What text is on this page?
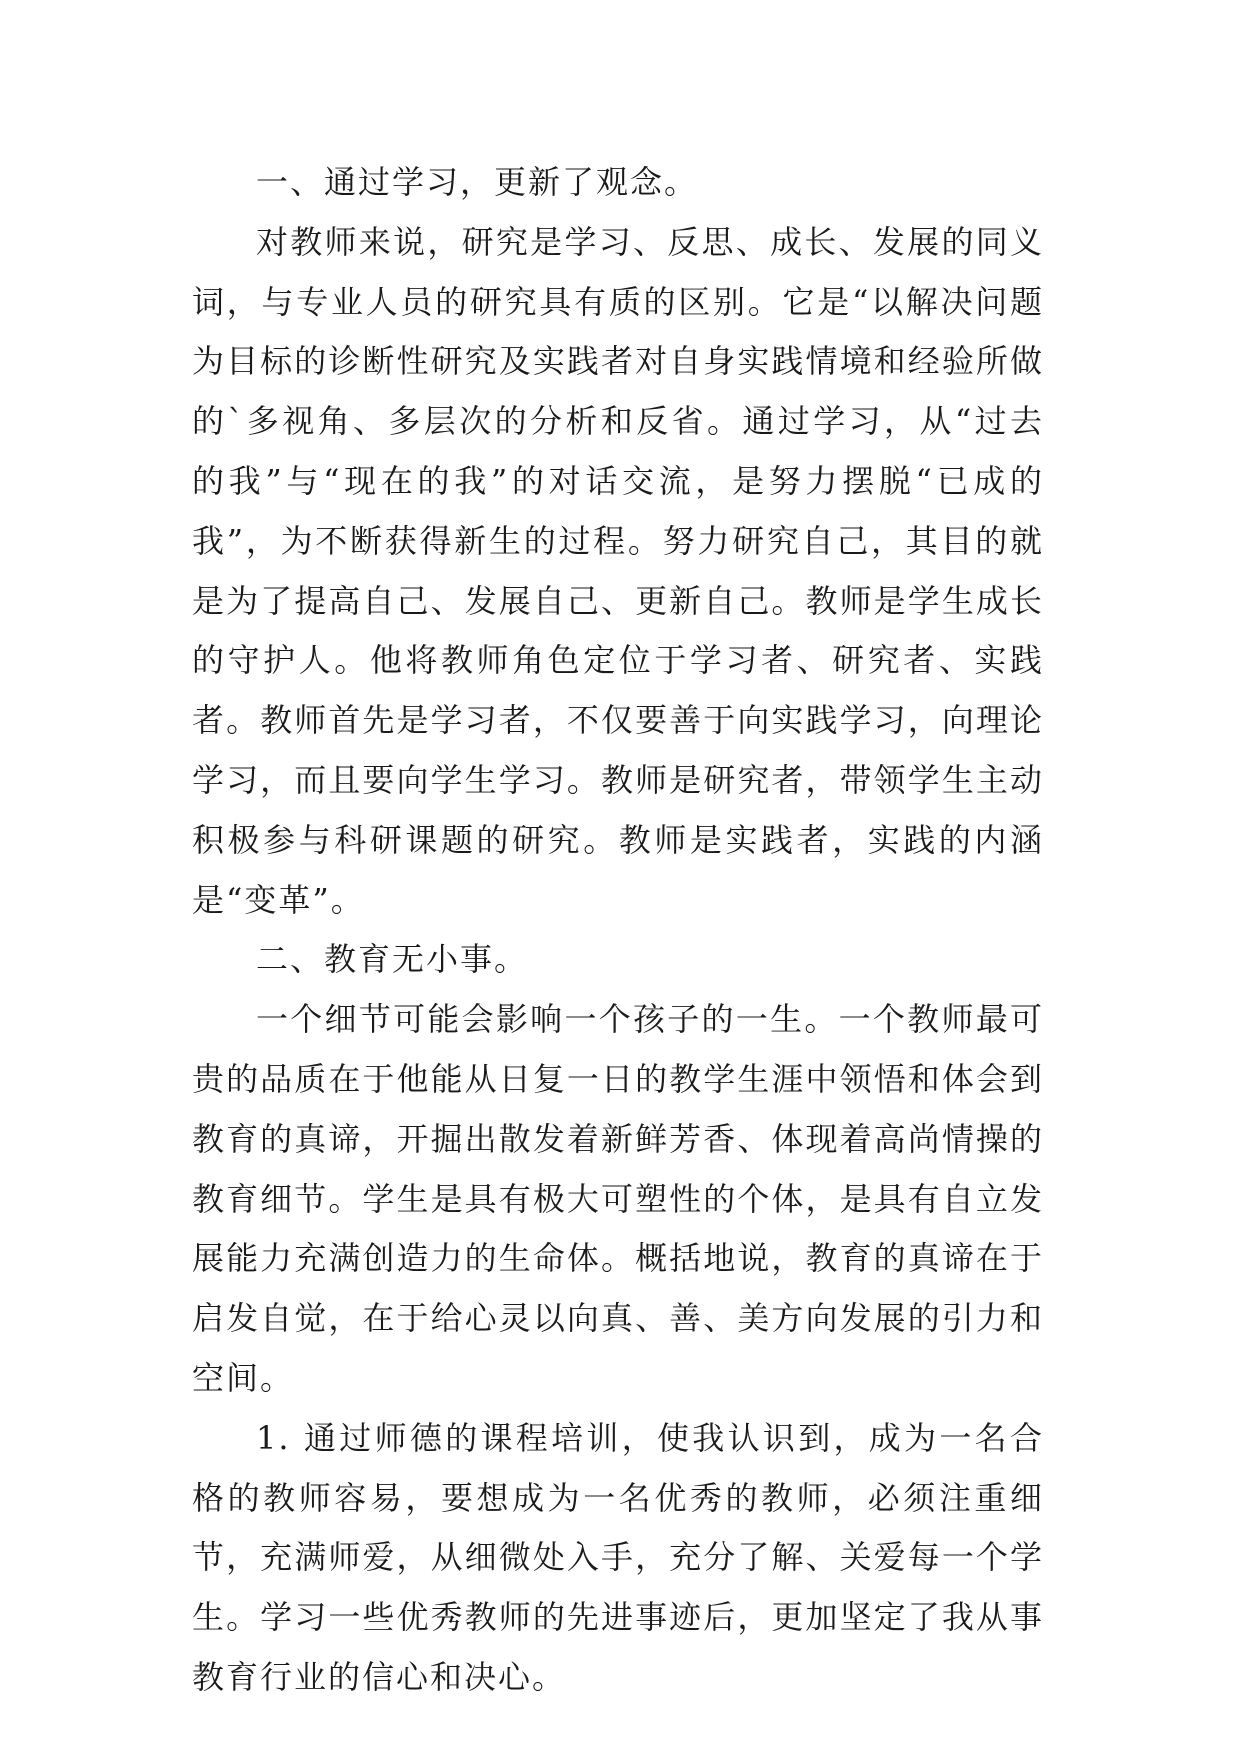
一、通过学习，更新了观念。

对教师来说，研究是学习、反思、成长、发展的同义词，与专业人员的研究具有质的区别。它是“以解决问题为目标的诊断性研究及实践者对自身实践情境和经验所做的`多视角、多层次的分析和反省。通过学习，从“过去的我”与“现在的我”的对话交流，是努力摆脱“已成的我”，为不断获得新生的过程。努力研究自己，其目的就是为了提高自己、发展自己、更新自己。教师是学生成长的守护人。他将教师角色定位于学习者、研究者、实践者。教师首先是学习者，不仅要善于向实践学习，向理论学习，而且要向学生学习。教师是研究者，带领学生主动积极参与科研课题的研究。教师是实践者，实践的内涵是“变革”。

二、教育无小事。

一个细节可能会影响一个孩子的一生。一个教师最可贵的品质在于他能从日复一日的教学生涯中领悟和体会到教育的真谛，开掘出散发着新鲜芳香、体现着高尚情操的教育细节。学生是具有极大可塑性的个体，是具有自立发展能力充满创造力的生命体。概括地说，教育的真谛在于启发自觉，在于给心灵以向真、善、美方向发展的引力和空间。

1. 通过师德的课程培训，使我认识到，成为一名合格的教师容易，要想成为一名优秀的教师，必须注重细节，充满师爱，从细微处入手，充分了解、关爱每一个学生。学习一些优秀教师的先进事迹后，更加坚定了我从事教育行业的信心和决心。
